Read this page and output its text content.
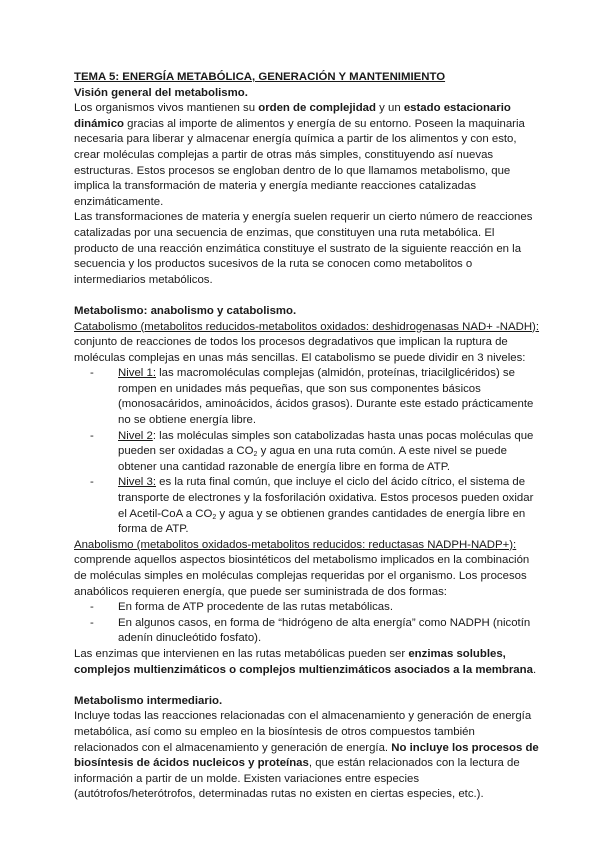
TEMA 5: ENERGÍA METABÓLICA, GENERACIÓN Y MANTENIMIENTO

Visión general del metabolismo.

Los organismos vivos mantienen su orden de complejidad y un estado estacionario dinámico gracias al importe de alimentos y energía de su entorno. Poseen la maquinaria necesaria para liberar y almacenar energía química a partir de los alimentos y con esto, crear moléculas complejas a partir de otras más simples, constituyendo así nuevas estructuras. Estos procesos se engloban dentro de lo que llamamos metabolismo, que implica la transformación de materia y energía mediante reacciones catalizadas enzimáticamente.

Las transformaciones de materia y energía suelen requerir un cierto número de reacciones catalizadas por una secuencia de enzimas, que constituyen una ruta metabólica. El producto de una reacción enzimática constituye el sustrato de la siguiente reacción en la secuencia y los productos sucesivos de la ruta se conocen como metabolitos o intermediarios metabólicos.

Metabolismo: anabolismo y catabolismo.

Catabolismo (metabolitos reducidos-metabolitos oxidados: deshidrogenasas NAD+ -NADH): conjunto de reacciones de todos los procesos degradativos que implican la ruptura de moléculas complejas en unas más sencillas. El catabolismo se puede dividir en 3 niveles:

- Nivel 1: las macromoléculas complejas (almidón, proteínas, triacilglicéridos) se rompen en unidades más pequeñas, que son sus componentes básicos (monosacáridos, aminoácidos, ácidos grasos). Durante este estado prácticamente no se obtiene energía libre.
- Nivel 2: las moléculas simples son catabolizadas hasta unas pocas moléculas que pueden ser oxidadas a $CO_2$ y agua en una ruta común. A este nivel se puede obtener una cantidad razonable de energía libre en forma de ATP.
- Nivel 3: es la ruta final común, que incluye el ciclo del ácido cítrico, el sistema de transporte de electrones y la fosforilación oxidativa. Estos procesos pueden oxidar el Acetil-CoA a $CO_2$ y agua y se obtienen grandes cantidades de energía libre en forma de ATP.

Anabolismo (metabolitos oxidados-metabolitos reducidos: reductasas NADPH-NADP+): comprende aquellos aspectos biosintéticos del metabolismo implicados en la combinación de moléculas simples en moléculas complejas requeridas por el organismo. Los procesos anabólicos requieren energía, que puede ser suministrada de dos formas:

- En forma de ATP procedente de las rutas metabólicas.
- En algunos casos, en forma de “hidrógeno de alta energía” como NADPH (nicotín adenín dinucleótido fosfato).

Las enzimas que intervienen en las rutas metabólicas pueden ser enzimas solubles, complejos multienzimáticos o complejos multienzimáticos asociados a la membrana.

Metabolismo intermediario.

Incluye todas las reacciones relacionadas con el almacenamiento y generación de energía metabólica, así como su empleo en la biosíntesis de otros compuestos también relacionados con el almacenamiento y generación de energía. No incluye los procesos de biosíntesis de ácidos nucleicos y proteínas, que están relacionados con la lectura de información a partir de un molde. Existen variaciones entre especies (autótrofos/heterótrofos, determinadas rutas no existen en ciertas especies, etc.).
